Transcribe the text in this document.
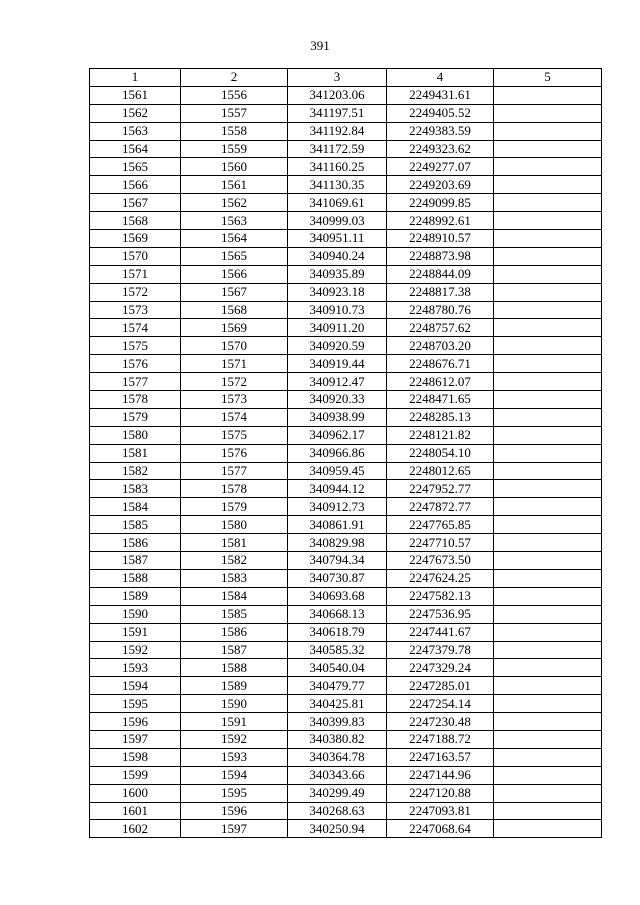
391
1	2	3	4	5
1561	1556	341203.06	2249431.61	
1562	1557	341197.51	2249405.52	
1563	1558	341192.84	2249383.59	
1564	1559	341172.59	2249323.62	
1565	1560	341160.25	2249277.07	
1566	1561	341130.35	2249203.69	
1567	1562	341069.61	2249099.85	
1568	1563	340999.03	2248992.61	
1569	1564	340951.11	2248910.57	
1570	1565	340940.24	2248873.98	
1571	1566	340935.89	2248844.09	
1572	1567	340923.18	2248817.38	
1573	1568	340910.73	2248780.76	
1574	1569	340911.20	2248757.62	
1575	1570	340920.59	2248703.20	
1576	1571	340919.44	2248676.71	
1577	1572	340912.47	2248612.07	
1578	1573	340920.33	2248471.65	
1579	1574	340938.99	2248285.13	
1580	1575	340962.17	2248121.82	
1581	1576	340966.86	2248054.10	
1582	1577	340959.45	2248012.65	
1583	1578	340944.12	2247952.77	
1584	1579	340912.73	2247872.77	
1585	1580	340861.91	2247765.85	
1586	1581	340829.98	2247710.57	
1587	1582	340794.34	2247673.50	
1588	1583	340730.87	2247624.25	
1589	1584	340693.68	2247582.13	
1590	1585	340668.13	2247536.95	
1591	1586	340618.79	2247441.67	
1592	1587	340585.32	2247379.78	
1593	1588	340540.04	2247329.24	
1594	1589	340479.77	2247285.01	
1595	1590	340425.81	2247254.14	
1596	1591	340399.83	2247230.48	
1597	1592	340380.82	2247188.72	
1598	1593	340364.78	2247163.57	
1599	1594	340343.66	2247144.96	
1600	1595	340299.49	2247120.88	
1601	1596	340268.63	2247093.81	
1602	1597	340250.94	2247068.64	
